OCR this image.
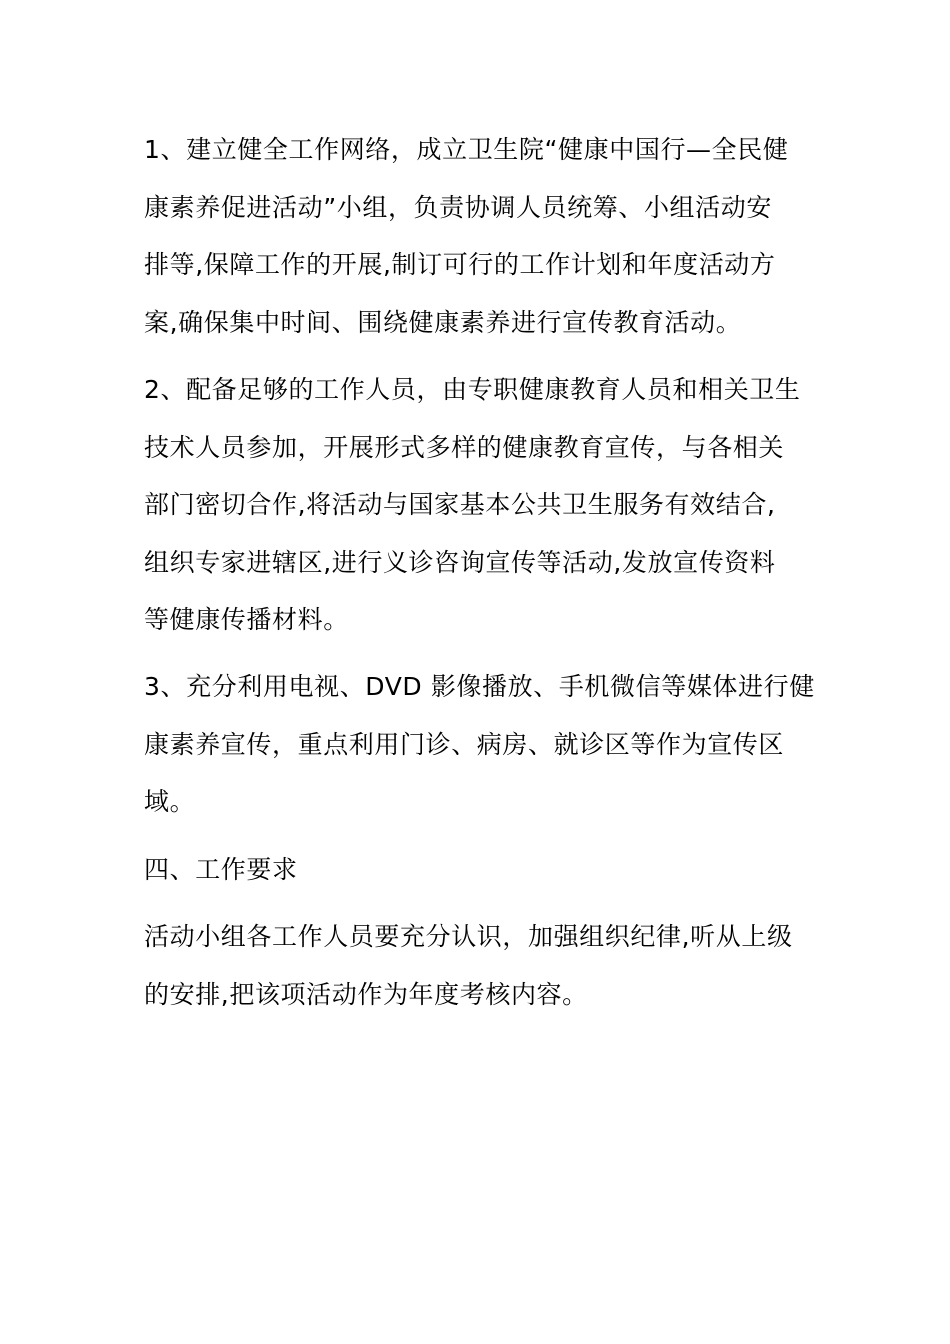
1、建立健全工作网络，成立卫生院“健康中国行—全民健
康素养促进活动”小组，负责协调人员统筹、小组活动安
排等,保障工作的开展,制订可行的工作计划和年度活动方
案,确保集中时间、围绕健康素养进行宣传教育活动。
2、配备足够的工作人员，由专职健康教育人员和相关卫生
技术人员参加，开展形式多样的健康教育宣传，与各相关
部门密切合作,将活动与国家基本公共卫生服务有效结合,
组织专家进辖区,进行义诊咨询宣传等活动,发放宣传资料
等健康传播材料。
3、充分利用电视、DVD 影像播放、手机微信等媒体进行健
康素养宣传，重点利用门诊、病房、就诊区等作为宣传区
域。
四、工作要求
活动小组各工作人员要充分认识，加强组织纪律,听从上级
的安排,把该项活动作为年度考核内容。
